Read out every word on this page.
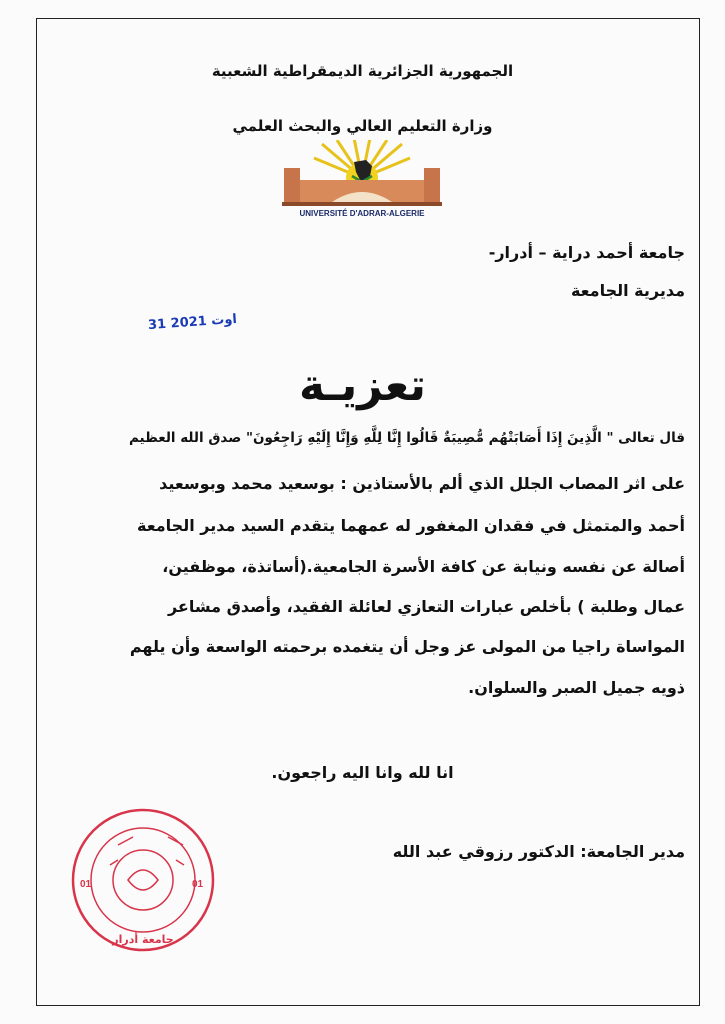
الجمهورية الجزائرية الديمقراطية الشعبية
وزارة التعليم العالي والبحث العلمي
UNIVERSITÉ D'ADRAR-ALGERIE
جامعة أحمد دراية – أدرار-
مديرية الجامعة
31 اوت 2021
تعزيـة
قال تعالى " الَّذِينَ إِذَا أَصَابَتْهُم مُّصِيبَةٌ قَالُوا إِنَّا لِلَّهِ وَإِنَّا إِلَيْهِ رَاجِعُونَ" صدق الله العظيم
على اثر المصاب الجلل الذي ألم بالأستاذين : بوسعيد محمد وبوسعيد
أحمد والمتمثل في فقدان المغفور له عمهما يتقدم السيد مدير الجامعة
أصالة عن نفسه ونيابة عن كافة الأسرة الجامعية.(أساتذة، موظفين،
عمال وطلبة ) بأخلص عبارات التعازي لعائلة الفقيد، وأصدق مشاعر
المواساة راجيا من المولى عز وجل أن يتغمده برحمته الواسعة وأن يلهم
ذويه جميل الصبر والسلوان.
انا لله وانا اليه راجعون.
01	01
جامعة أدرار
مدير الجامعة: الدكتور رزوقي عبد الله
